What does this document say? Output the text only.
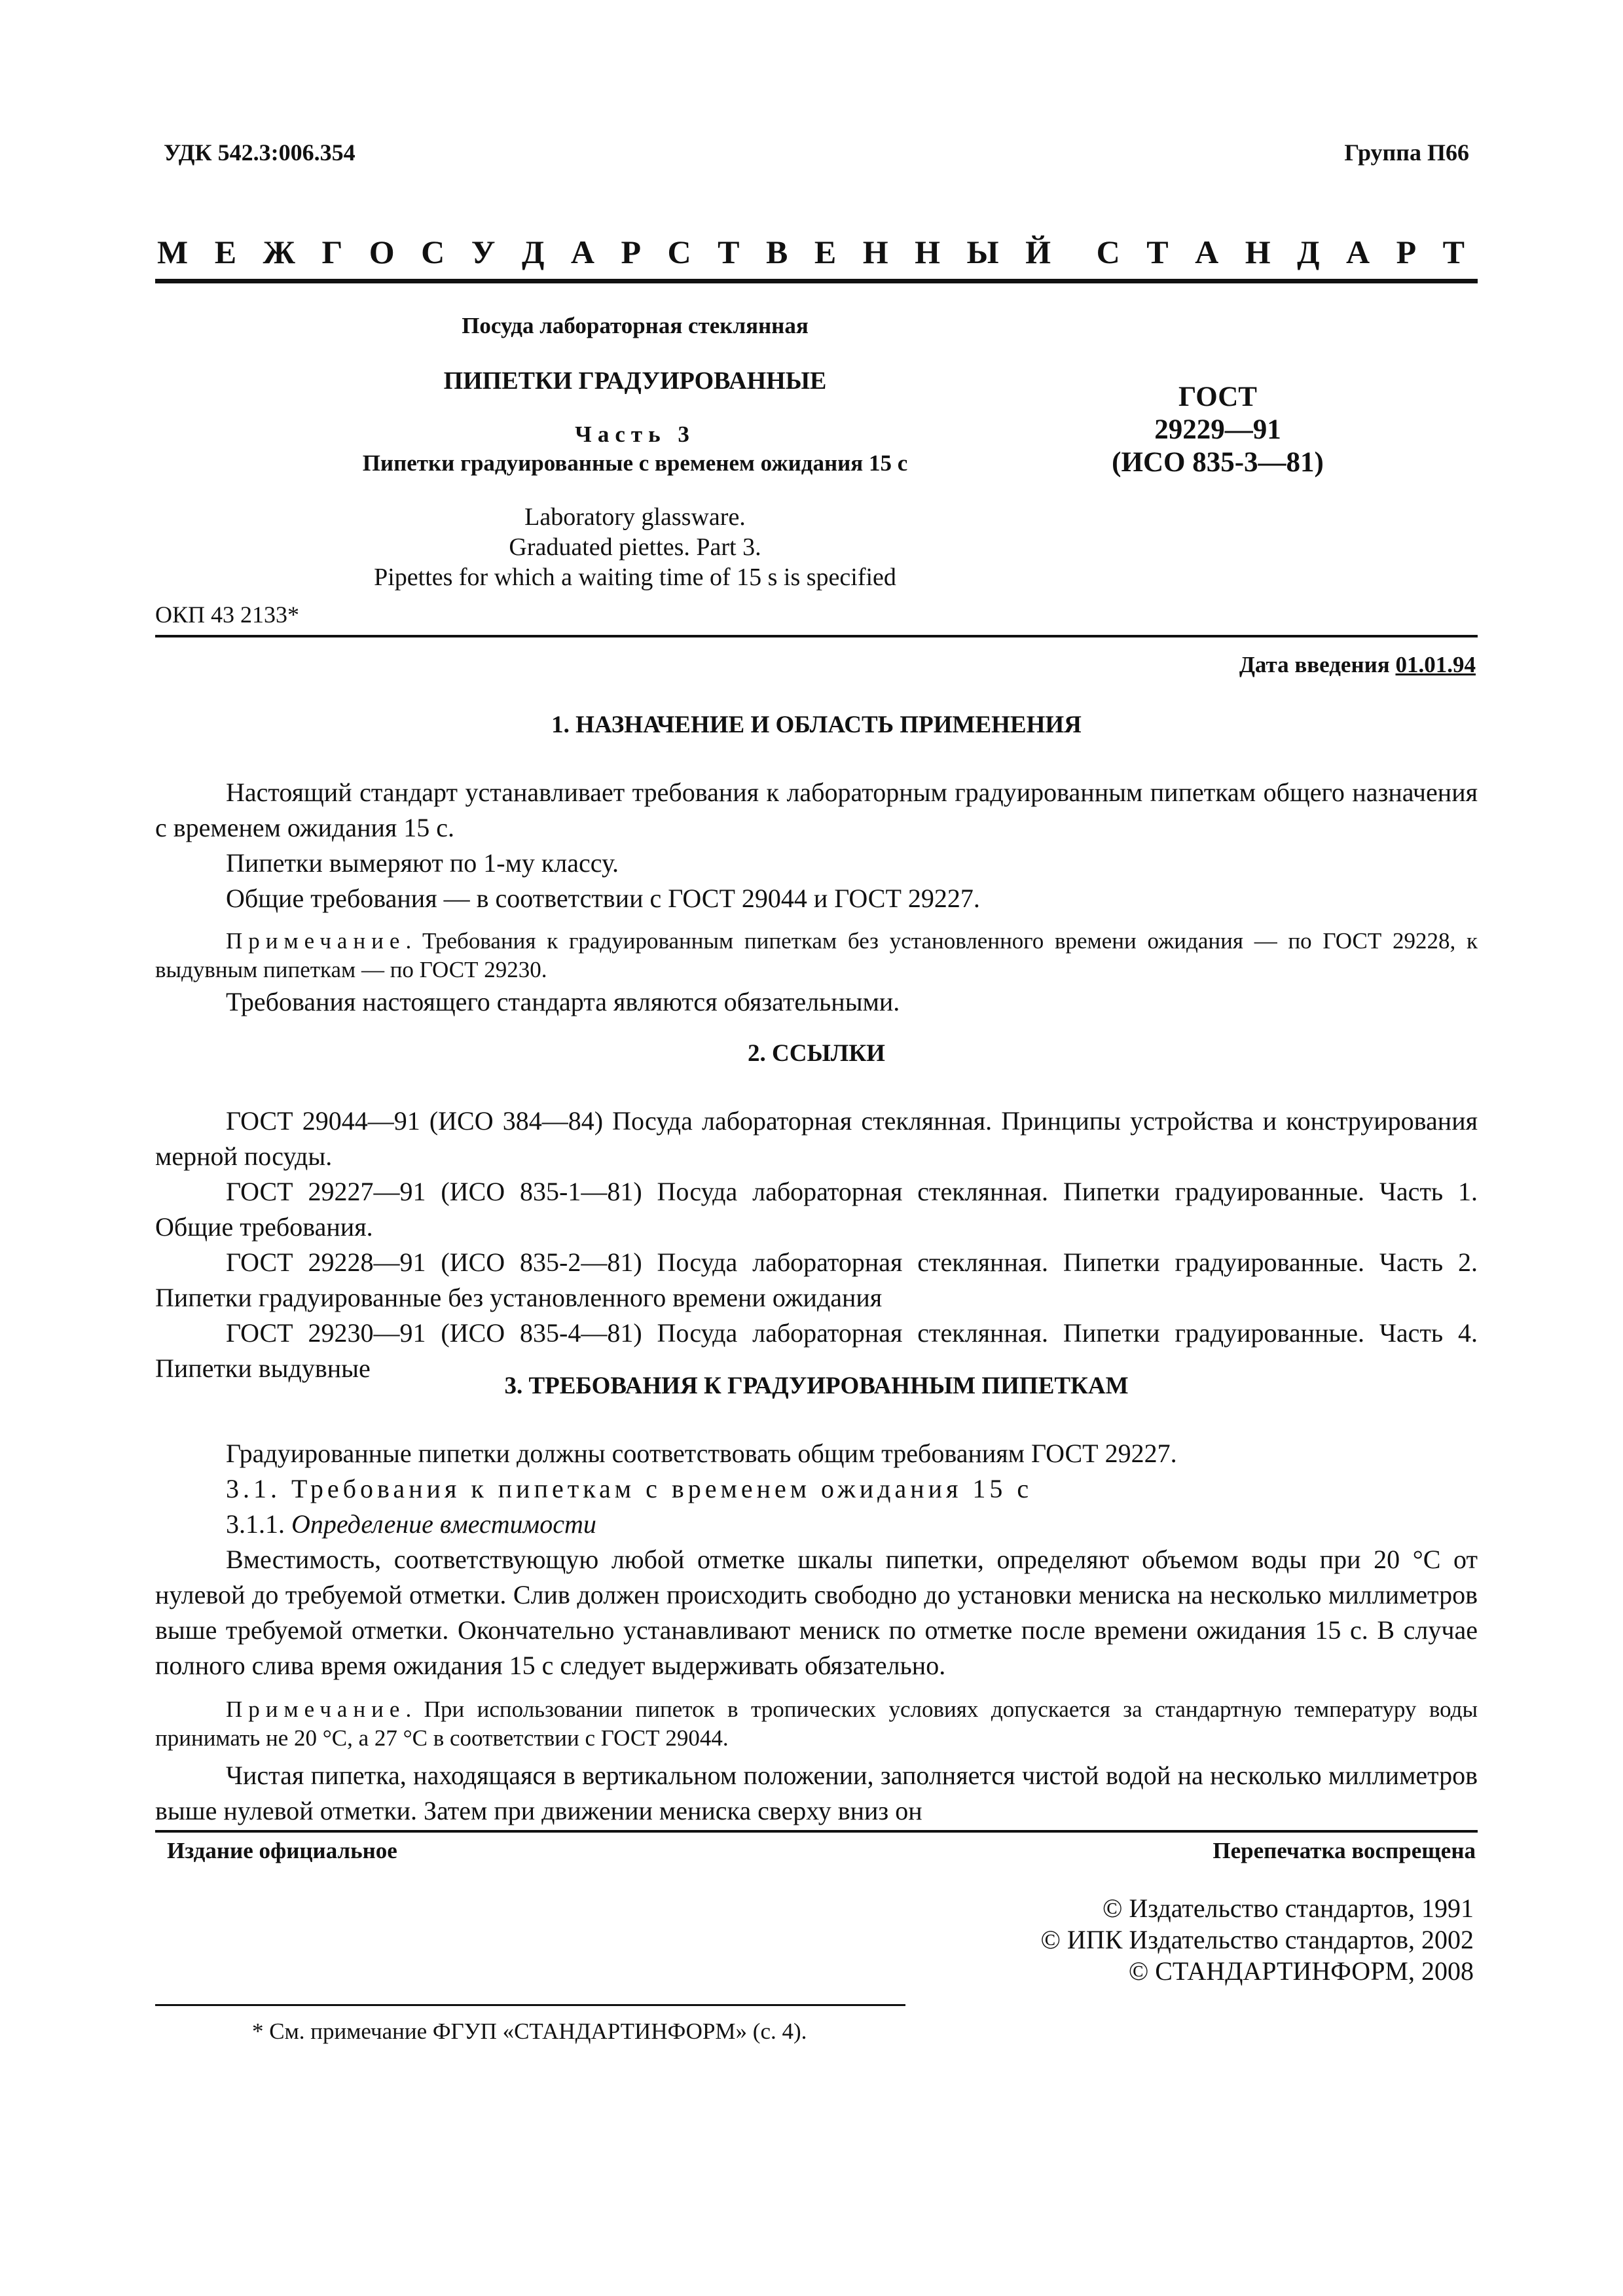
УДК 542.3:006.354	Группа П66
М Е Ж Г О С У Д А Р С Т В Е Н Н Ы Й С Т А Н Д А Р Т
Посуда лабораторная стеклянная
ПИПЕТКИ ГРАДУИРОВАННЫЕ
Часть 3
Пипетки градуированные с временем ожидания 15 с
Laboratory glassware.
Graduated piettes. Part 3.
Pipettes for which a waiting time of 15 s is specified
ГОСТ
29229—91
(ИСО 835-3—81)
ОКП 43 2133*
Дата введения 01.01.94
1. НАЗНАЧЕНИЕ И ОБЛАСТЬ ПРИМЕНЕНИЯ
Настоящий стандарт устанавливает требования к лабораторным градуированным пипеткам общего назначения с временем ожидания 15 с.
Пипетки вымеряют по 1-му классу.
Общие требования — в соответствии с ГОСТ 29044 и ГОСТ 29227.
Примечание. Требования к градуированным пипеткам без установленного времени ожидания — по ГОСТ 29228, к выдувным пипеткам — по ГОСТ 29230.
Требования настоящего стандарта являются обязательными.
2. ССЫЛКИ
ГОСТ 29044—91 (ИСО 384—84) Посуда лабораторная стеклянная. Принципы устройства и конструирования мерной посуды.
ГОСТ 29227—91 (ИСО 835-1—81) Посуда лабораторная стеклянная. Пипетки градуированные. Часть 1. Общие требования.
ГОСТ 29228—91 (ИСО 835-2—81) Посуда лабораторная стеклянная. Пипетки градуированные. Часть 2. Пипетки градуированные без установленного времени ожидания
ГОСТ 29230—91 (ИСО 835-4—81) Посуда лабораторная стеклянная. Пипетки градуированные. Часть 4. Пипетки выдувные
3. ТРЕБОВАНИЯ К ГРАДУИРОВАННЫМ ПИПЕТКАМ
Градуированные пипетки должны соответствовать общим требованиям ГОСТ 29227.
3.1. Требования к пипеткам с временем ожидания 15 с
3.1.1. Определение вместимости
Вместимость, соответствующую любой отметке шкалы пипетки, определяют объемом воды при 20 °С от нулевой до требуемой отметки. Слив должен происходить свободно до установки мениска на несколько миллиметров выше требуемой отметки. Окончательно устанавливают мениск по отметке после времени ожидания 15 с. В случае полного слива время ожидания 15 с следует выдерживать обязательно.
Примечание. При использовании пипеток в тропических условиях допускается за стандартную температуру воды принимать не 20 °С, а 27 °С в соответствии с ГОСТ 29044.
Чистая пипетка, находящаяся в вертикальном положении, заполняется чистой водой на несколько миллиметров выше нулевой отметки. Затем при движении мениска сверху вниз он
Издание официальное	Перепечатка воспрещена
© Издательство стандартов, 1991
© ИПК Издательство стандартов, 2002
© СТАНДАРТИНФОРМ, 2008
* См. примечание ФГУП «СТАНДАРТИНФОРМ» (с. 4).
